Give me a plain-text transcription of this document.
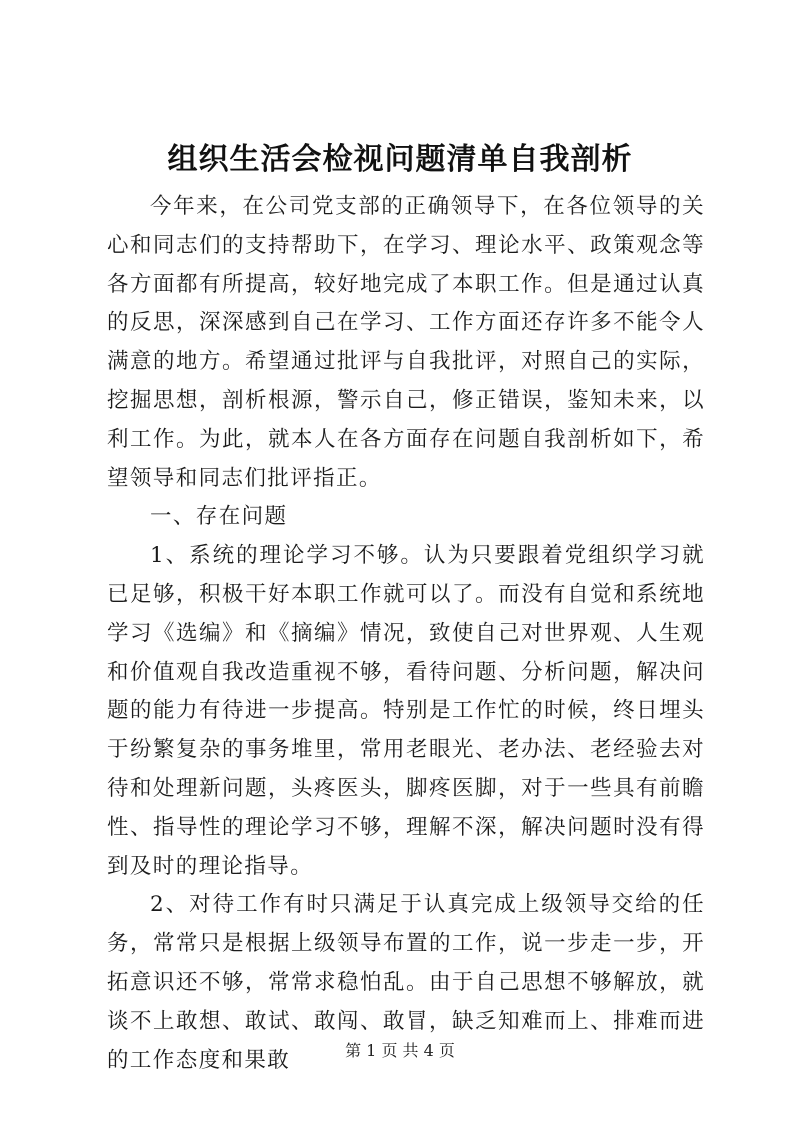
组织生活会检视问题清单自我剖析

今年来，在公司党支部的正确领导下，在各位领导的关心和同志们的支持帮助下，在学习、理论水平、政策观念等各方面都有所提高，较好地完成了本职工作。但是通过认真的反思，深深感到自己在学习、工作方面还存许多不能令人满意的地方。希望通过批评与自我批评，对照自己的实际，挖掘思想，剖析根源，警示自己，修正错误，鉴知未来，以利工作。为此，就本人在各方面存在问题自我剖析如下，希望领导和同志们批评指正。

一、存在问题

1、系统的理论学习不够。认为只要跟着党组织学习就已足够，积极干好本职工作就可以了。而没有自觉和系统地学习《选编》和《摘编》情况，致使自己对世界观、人生观和价值观自我改造重视不够，看待问题、分析问题，解决问题的能力有待进一步提高。特别是工作忙的时候，终日埋头于纷繁复杂的事务堆里，常用老眼光、老办法、老经验去对待和处理新问题，头疼医头，脚疼医脚，对于一些具有前瞻性、指导性的理论学习不够，理解不深，解决问题时没有得到及时的理论指导。

2、对待工作有时只满足于认真完成上级领导交给的任务，常常只是根据上级领导布置的工作，说一步走一步，开拓意识还不够，常常求稳怕乱。由于自己思想不够解放，就谈不上敢想、敢试、敢闯、敢冒，缺乏知难而上、排难而进的工作态度和果敢	第 1 页 共 4 页
